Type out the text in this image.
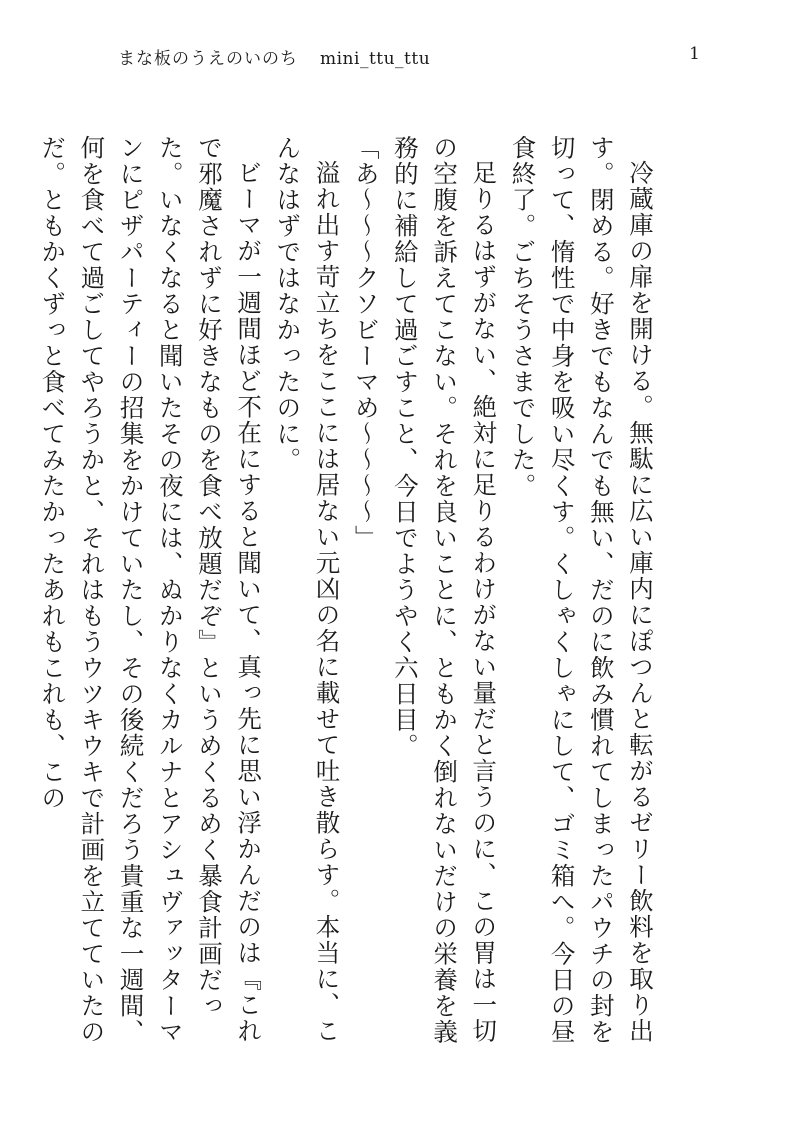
まな板のうえのいのち mini_ttu_ttu	1

冷蔵庫の扉を開ける。無駄に広い庫内にぽつんと転がるゼリー飲料を取り出す。閉める。好きでもなんでも無い、だのに飲み慣れてしまったパウチの封を切って、惰性で中身を吸い尽くす。くしゃくしゃにして、ゴミ箱へ。今日の昼食終了。ごちそうさまでした。

足りるはずがない、絶対に足りるわけがない量だと言うのに、この胃は一切の空腹を訴えてこない。それを良いことに、ともかく倒れないだけの栄養を義務的に補給して過ごすこと、今日でようやく六日目。

「あ〜〜〜クソビーマめ〜〜〜〜」

溢れ出す苛立ちをここには居ない元凶の名に載せて吐き散らす。本当に、こんなはずではなかったのに。

ビーマが一週間ほど不在にすると聞いて、真っ先に思い浮かんだのは『これで邪魔されずに好きなものを食べ放題だぞ』というめくるめく暴食計画だった。いなくなると聞いたその夜には、ぬかりなくカルナとアシュヴァッターマンにピザパーティーの招集をかけていたし、その後続くだろう貴重な一週間、何を食べて過ごしてやろうかと、それはもうウツキウキで計画を立てていたのだ。ともかくずっと食べてみたかったあれもこれも、この
